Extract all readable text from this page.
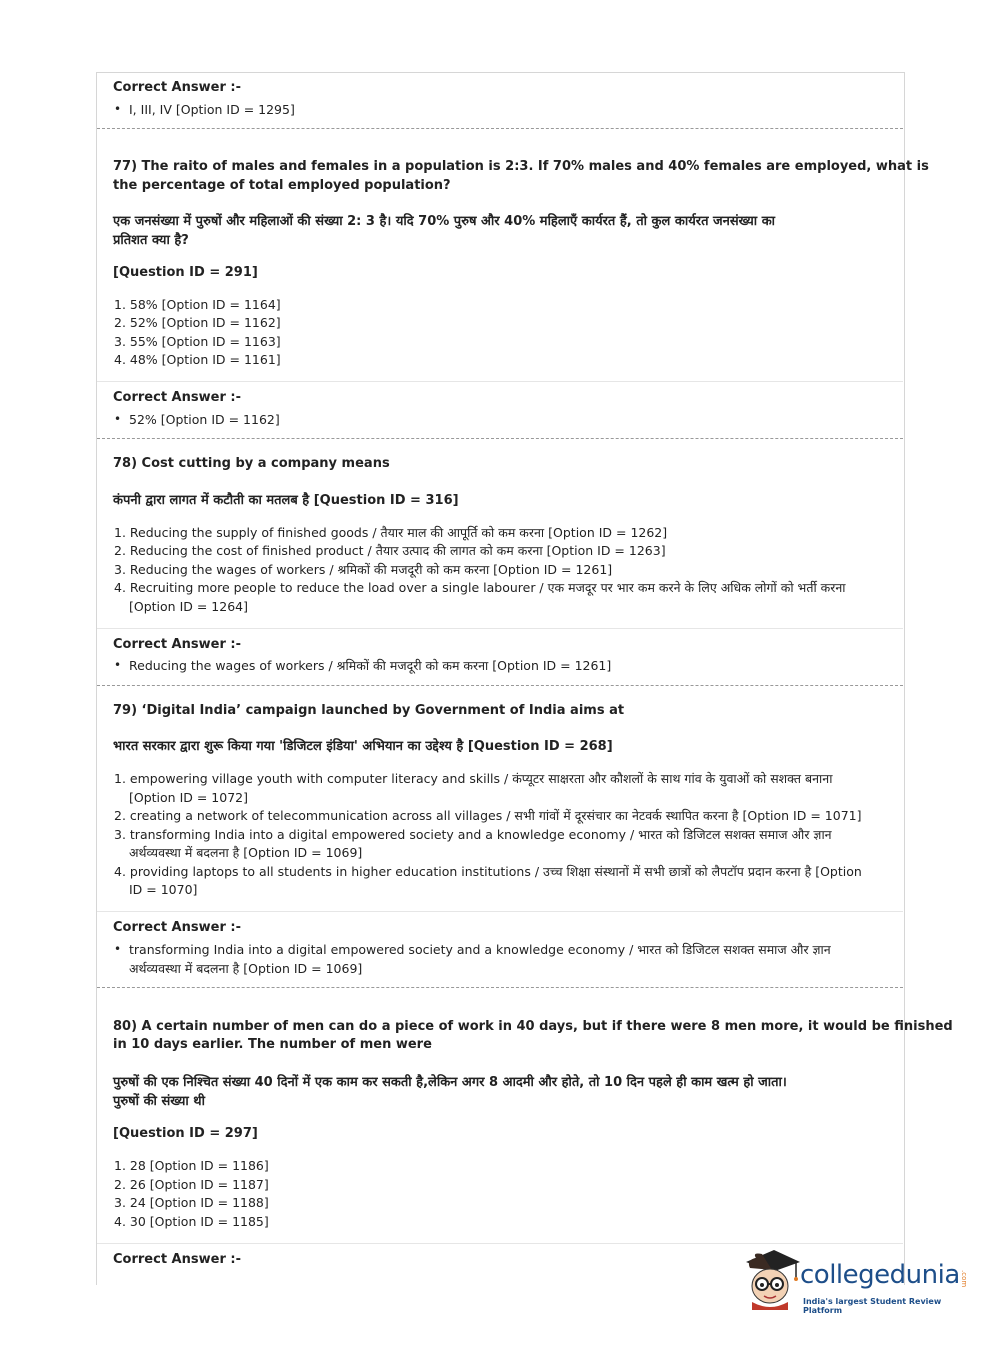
Correct Answer :-
• I, III, IV [Option ID = 1295]
77) The raito of males and females in a population is 2:3. If 70% males and 40% females are employed, what is
the percentage of total employed population?
एक जनसंख्या में पुरुषों और महिलाओं की संख्या 2: 3 है। यदि 70% पुरुष और 40% महिलाएँ कार्यरत हैं, तो कुल कार्यरत जनसंख्या का
प्रतिशत क्या है?
[Question ID = 291]
1. 58% [Option ID = 1164]
2. 52% [Option ID = 1162]
3. 55% [Option ID = 1163]
4. 48% [Option ID = 1161]
Correct Answer :-
• 52% [Option ID = 1162]
78) Cost cutting by a company means
कंपनी द्वारा लागत में कटौती का मतलब है [Question ID = 316]
1. Reducing the supply of finished goods / तैयार माल की आपूर्ति को कम करना [Option ID = 1262]
2. Reducing the cost of finished product / तैयार उत्पाद की लागत को कम करना [Option ID = 1263]
3. Reducing the wages of workers / श्रमिकों की मजदूरी को कम करना [Option ID = 1261]
4. Recruiting more people to reduce the load over a single labourer / एक मजदूर पर भार कम करने के लिए अधिक लोगों को भर्ती करना
[Option ID = 1264]
Correct Answer :-
• Reducing the wages of workers / श्रमिकों की मजदूरी को कम करना [Option ID = 1261]
79) ‘Digital India’ campaign launched by Government of India aims at
भारत सरकार द्वारा शुरू किया गया 'डिजिटल इंडिया' अभियान का उद्देश्य है [Question ID = 268]
1. empowering village youth with computer literacy and skills / कंप्यूटर साक्षरता और कौशलों के साथ गांव के युवाओं को सशक्त बनाना
[Option ID = 1072]
2. creating a network of telecommunication across all villages / सभी गांवों में दूरसंचार का नेटवर्क स्थापित करना है [Option ID = 1071]
3. transforming India into a digital empowered society and a knowledge economy / भारत को डिजिटल सशक्त समाज और ज्ञान
अर्थव्यवस्था में बदलना है [Option ID = 1069]
4. providing laptops to all students in higher education institutions / उच्च शिक्षा संस्थानों में सभी छात्रों को लैपटॉप प्रदान करना है [Option
ID = 1070]
Correct Answer :-
• transforming India into a digital empowered society and a knowledge economy / भारत को डिजिटल सशक्त समाज और ज्ञान
अर्थव्यवस्था में बदलना है [Option ID = 1069]
80) A certain number of men can do a piece of work in 40 days, but if there were 8 men more, it would be finished
in 10 days earlier. The number of men were
पुरुषों की एक निश्चित संख्या 40 दिनों में एक काम कर सकती है,लेकिन अगर 8 आदमी और होते, तो 10 दिन पहले ही काम खत्म हो जाता।
पुरुषों की संख्या थी
[Question ID = 297]
1. 28 [Option ID = 1186]
2. 26 [Option ID = 1187]
3. 24 [Option ID = 1188]
4. 30 [Option ID = 1185]
Correct Answer :-
collegedunia .com
India's largest Student Review Platform
